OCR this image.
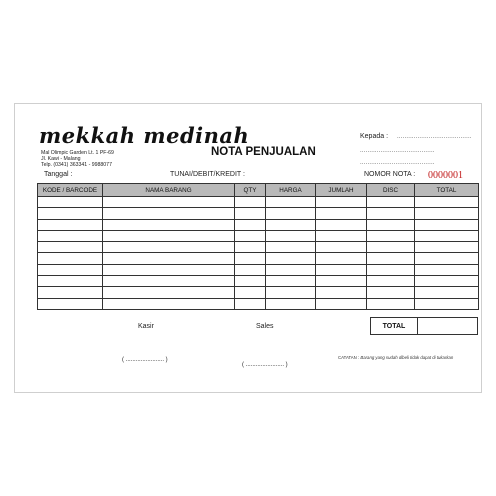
mekkah medinah
Mal Olimpic Garden Lt. 1 PF-69
Jl. Kawi - Malang
Telp. (0341) 363341 - 9988077
NOTA PENJUALAN
Kepada : ........................................
........................................
........................................
Tanggal :	TUNAI/DEBIT/KREDIT :	NOMOR NOTA : 0000001
KODE / BARCODE	NAMA BARANG	QTY	HARGA	JUMLAH	DISC	TOTAL

TOTAL
Kasir	Sales
( ....................... )
( ....................... )
CATATAN : Barang yang sudah dibeli tidak dapat di tukarkan
